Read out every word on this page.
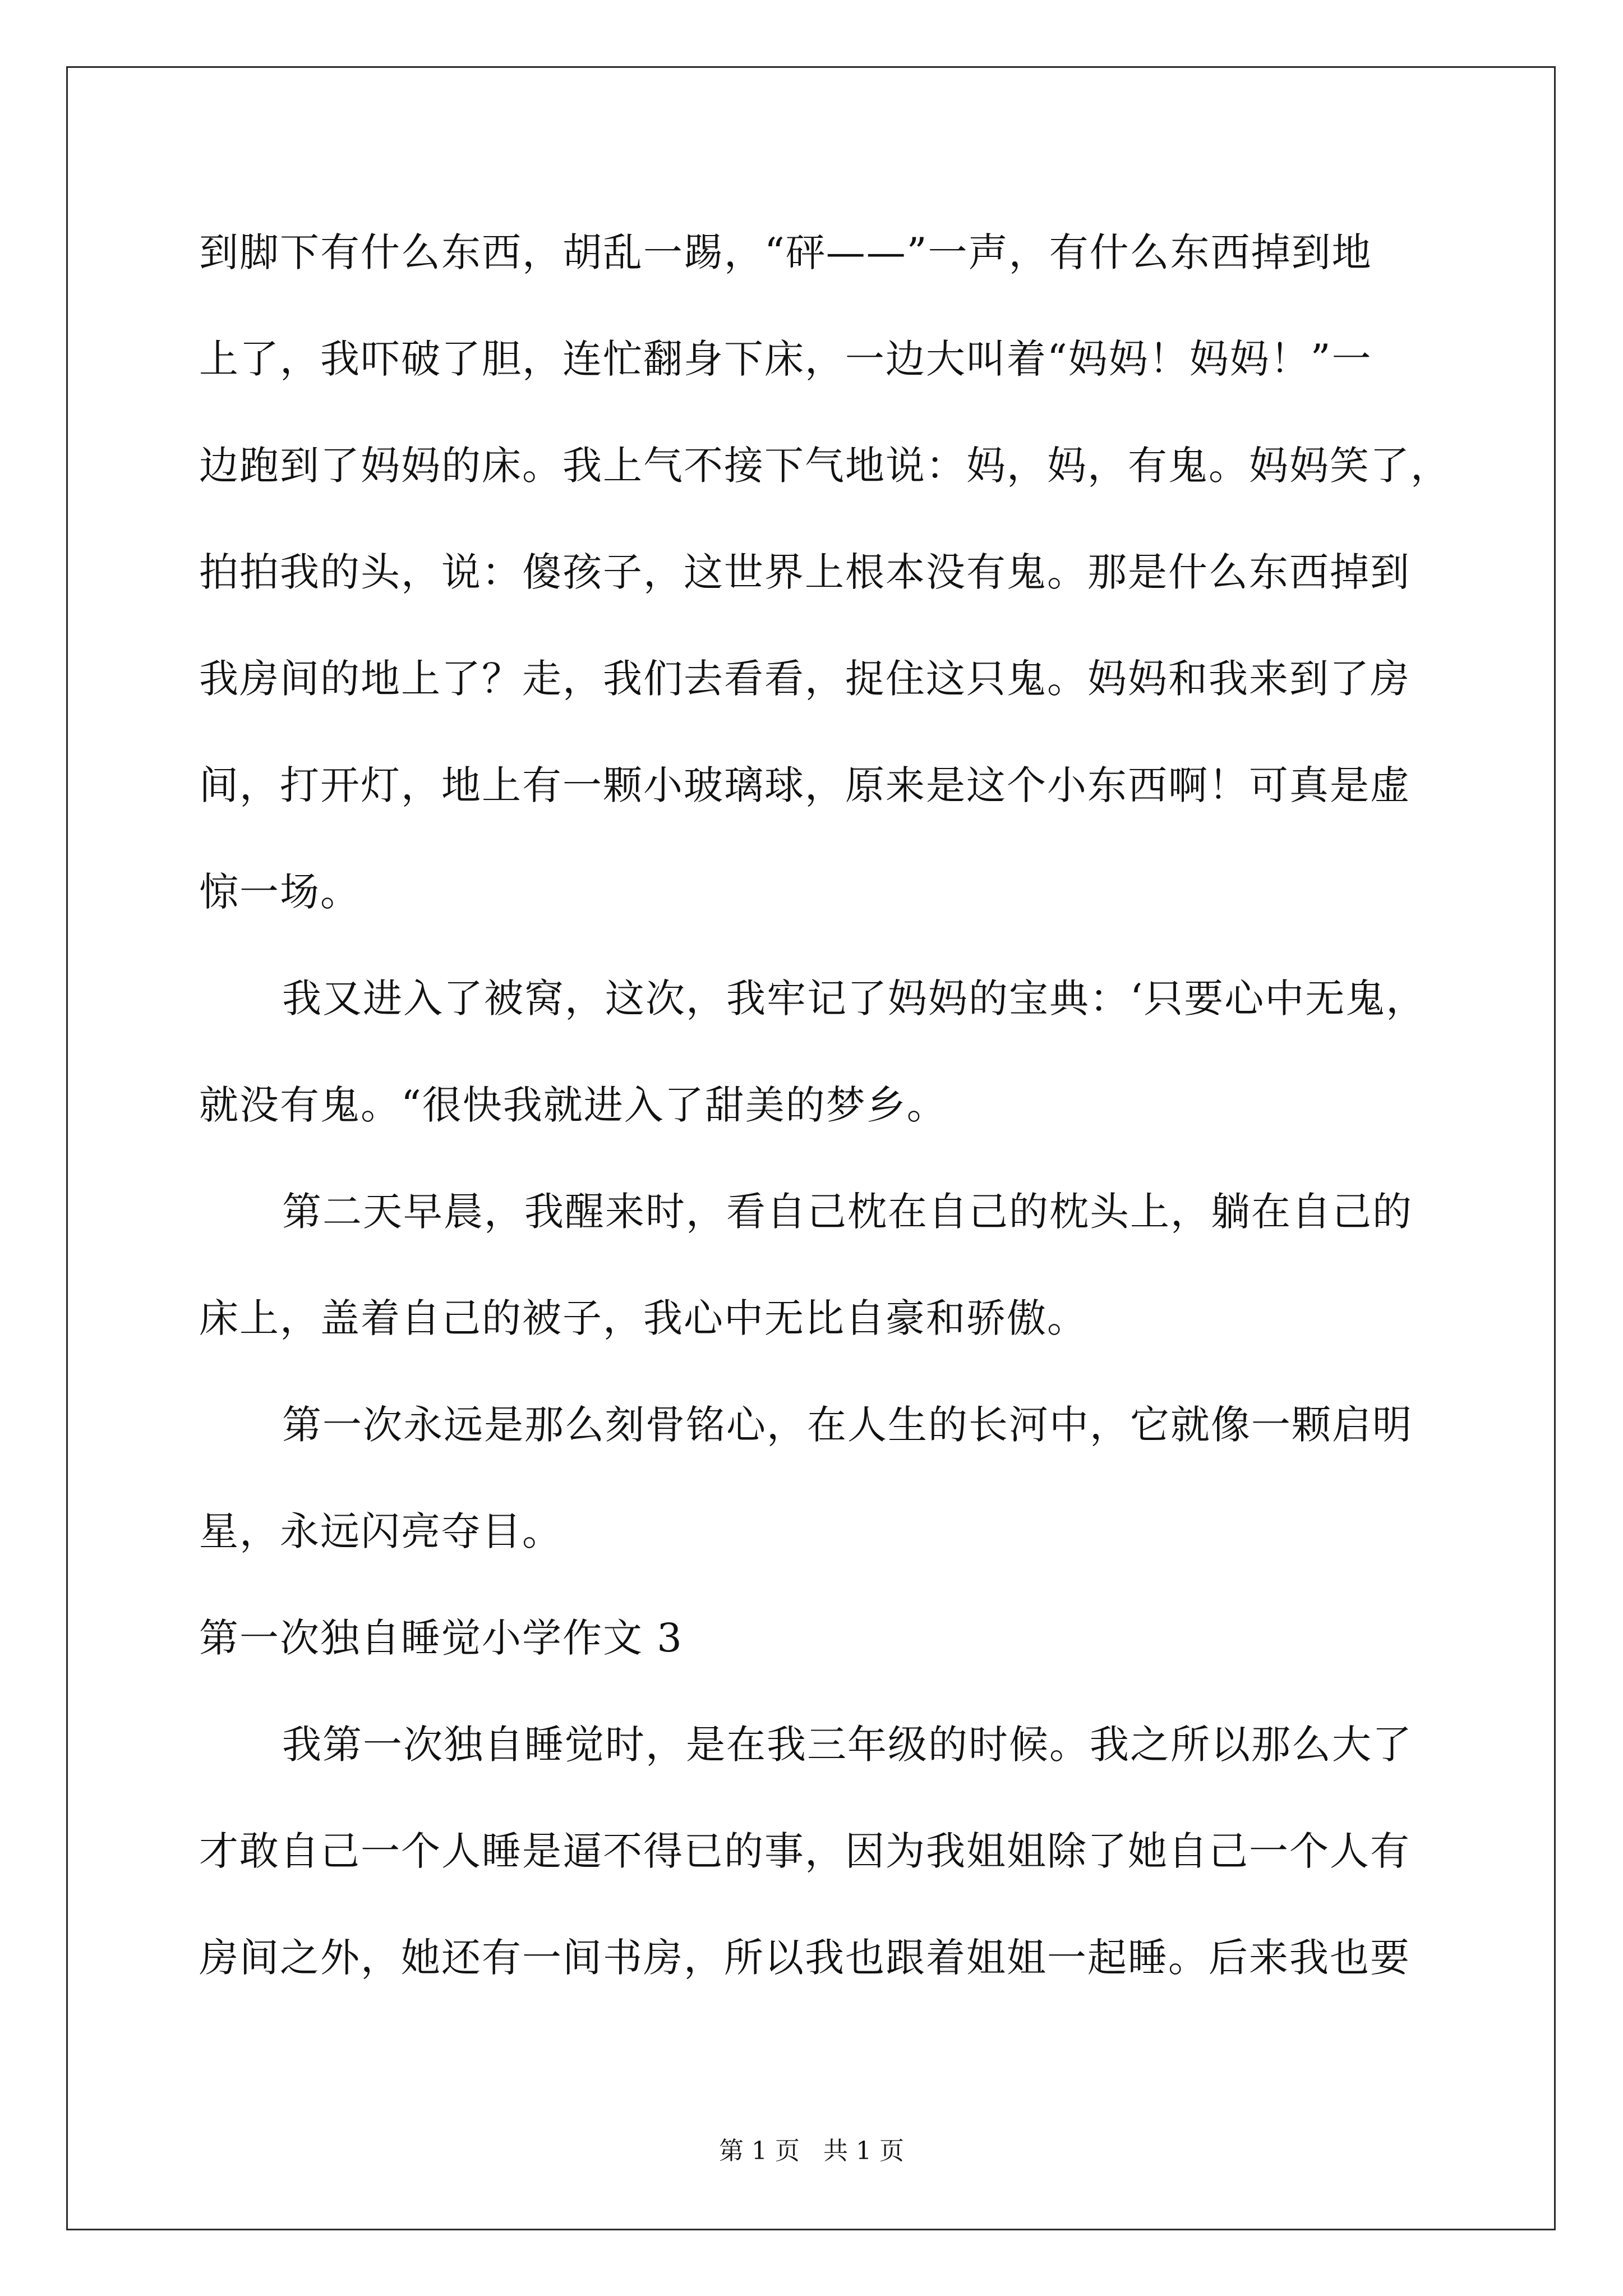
到脚下有什么东西，胡乱一踢，“砰——”一声，有什么东西掉到地
上了，我吓破了胆，连忙翻身下床，一边大叫着“妈妈！妈妈！”一
边跑到了妈妈的床。我上气不接下气地说：妈，妈，有鬼。妈妈笑了，
拍拍我的头，说：傻孩子，这世界上根本没有鬼。那是什么东西掉到
我房间的地上了？走，我们去看看，捉住这只鬼。妈妈和我来到了房
间，打开灯，地上有一颗小玻璃球，原来是这个小东西啊！可真是虚
惊一场。
我又进入了被窝，这次，我牢记了妈妈的宝典：‘只要心中无鬼，
就没有鬼。“很快我就进入了甜美的梦乡。
第二天早晨，我醒来时，看自己枕在自己的枕头上，躺在自己的
床上，盖着自己的被子，我心中无比自豪和骄傲。
第一次永远是那么刻骨铭心，在人生的长河中，它就像一颗启明
星，永远闪亮夺目。
第一次独自睡觉小学作文 3
我第一次独自睡觉时，是在我三年级的时候。我之所以那么大了
才敢自己一个人睡是逼不得已的事，因为我姐姐除了她自己一个人有
房间之外，她还有一间书房，所以我也跟着姐姐一起睡。后来我也要
第 1 页   共 1 页
